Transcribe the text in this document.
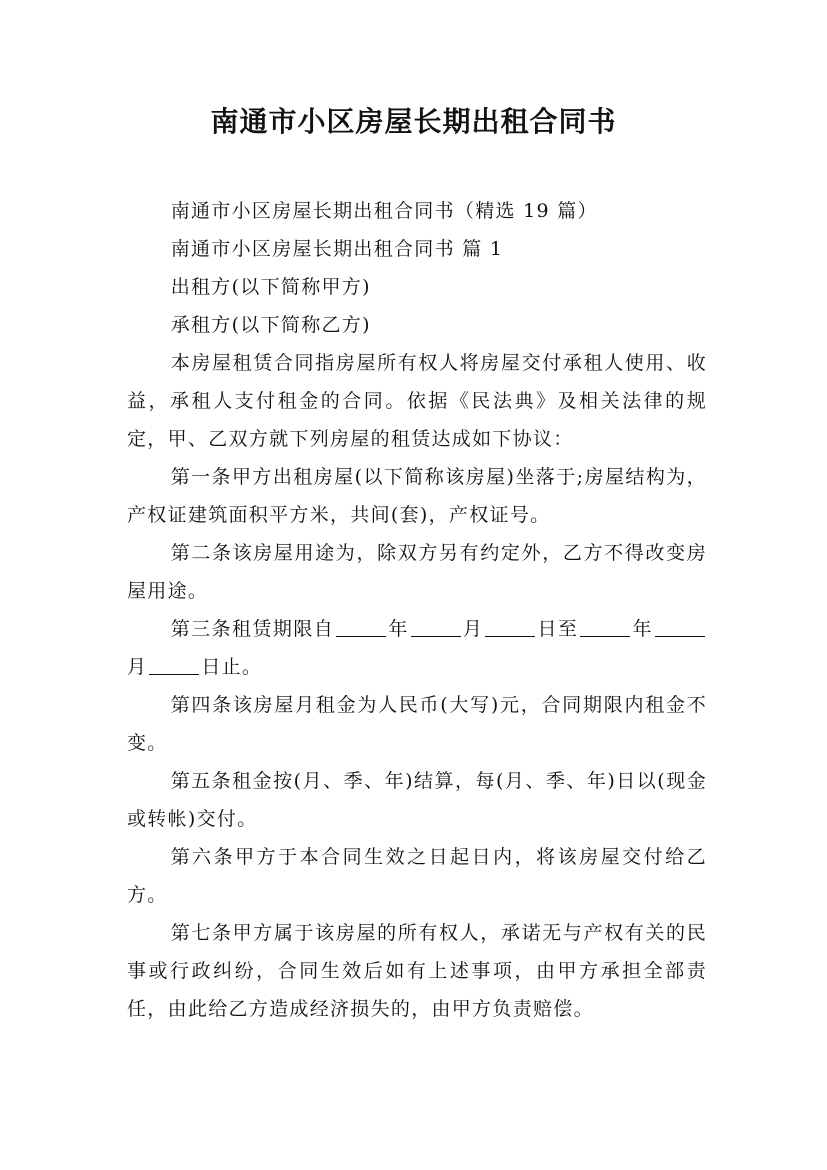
南通市小区房屋长期出租合同书

南通市小区房屋长期出租合同书（精选 19 篇）

南通市小区房屋长期出租合同书 篇 1

出租方(以下简称甲方)

承租方(以下简称乙方)

本房屋租赁合同指房屋所有权人将房屋交付承租人使用、收益，承租人支付租金的合同。依据《民法典》及相关法律的规定，甲、乙双方就下列房屋的租赁达成如下协议：

第一条甲方出租房屋(以下简称该房屋)坐落于;房屋结构为，产权证建筑面积平方米，共间(套)，产权证号。

第二条该房屋用途为，除双方另有约定外，乙方不得改变房屋用途。

第三条租赁期限自	年	月	日至	年月	日止。

第四条该房屋月租金为人民币(大写)元，合同期限内租金不变。

第五条租金按(月、季、年)结算，每(月、季、年)日以(现金或转帐)交付。

第六条甲方于本合同生效之日起日内，将该房屋交付给乙方。

第七条甲方属于该房屋的所有权人，承诺无与产权有关的民事或行政纠纷，合同生效后如有上述事项，由甲方承担全部责任，由此给乙方造成经济损失的，由甲方负责赔偿。
